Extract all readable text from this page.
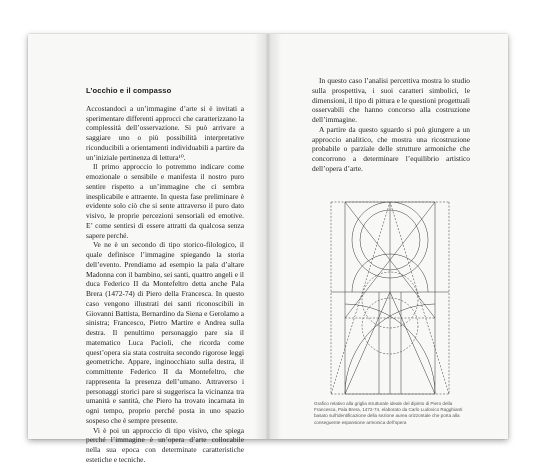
L’occhio e il compasso

Accostandoci a un’immagine d’arte si è invitati a sperimentare differenti approcci che caratterizzano la complessità dell’osservazione. Si può arrivare a saggiare uno o più possibilità interpretative riconducibili a orientamenti individuabili a partire da un’iniziale pertinenza di lettura¹⁰.

Il primo approccio lo potremmo indicare come emozionale o sensibile e manifesta il nostro puro sentire rispetto a un’immagine che ci sembra inesplicabile e attraente. In questa fase preliminare è evidente solo ciò che si sente attraverso il puro dato visivo, le proprie percezioni sensoriali ed emotive. E’ come sentirsi di essere attratti da qualcosa senza sapere perché.

Ve ne è un secondo di tipo storico-filologico, il quale definisce l’immagine spiegando la storia dell’evento. Prendiamo ad esempio la pala d’altare Madonna con il bambino, sei santi, quattro angeli e il duca Federico II da Montefeltro detta anche Pala Brera (1472-74) di Piero della Francesca. In questo caso vengono illustrati dei santi riconoscibili in Giovanni Battista, Bernardino da Siena e Gerolamo a sinistra; Francesco, Pietro Martire e Andrea sulla destra. Il penultimo personaggio pare sia il matematico Luca Pacioli, che ricorda come quest’opera sia stata costruita secondo rigorose leggi geometriche. Appare, inginocchiato sulla destra, il committente Federico II da Montefeltro, che rappresenta la presenza dell’umano. Attraverso i personaggi storici pare si suggerisca la vicinanza tra umanità e santità, che Piero ha trovato incarnata in ogni tempo, proprio perché posta in uno spazio sospeso che è sempre presente.

Vi è poi un approccio di tipo visivo, che spiega perché l’immagine è un’opera d’arte collocabile nella sua epoca con determinate caratteristiche estetiche e tecniche.

In questo caso l’analisi percettiva mostra lo studio sulla prospettiva, i suoi caratteri simbolici, le dimensioni, il tipo di pittura e le questioni progettuali osservabili che hanno concorso alla costruzione dell’immagine.

A partire da questo sguardo si può giungere a un approccio analitico, che mostra una ricostruzione probabile o parziale delle strutture armoniche che concorrono a determinare l’equilibrio artistico dell’opera d’arte.

Grafico relativo alla griglia strutturale ideale del dipinto di Piero della Francesca, Pala Brera, 1472-74, elaborato da Carlo Ludovico Ragghianti basato sull’identificazione della sezione aurea orizzontale che porta alla conseguente espansione armonica dell’opera
